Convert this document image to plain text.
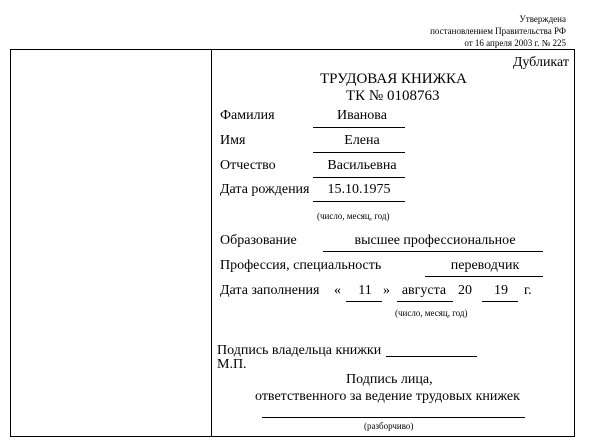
Утверждена
постановлением Правительства РФ
от 16 апреля 2003 г. № 225
Дубликат
ТРУДОВАЯ КНИЖКА
ТК № 0108763
Фамилия	Иванова
Имя	Елена
Отчество	Васильевна
Дата рождения	15.10.1975
(число, месяц, год)
Образование	высшее профессиональное
Профессия, специальность	переводчик
Дата заполнения «	11 » августа 20	19	г.
(число, месяц, год)
Подпись владельца книжки
М.П.
Подпись лица,
ответственного за ведение трудовых книжек
(разборчиво)
